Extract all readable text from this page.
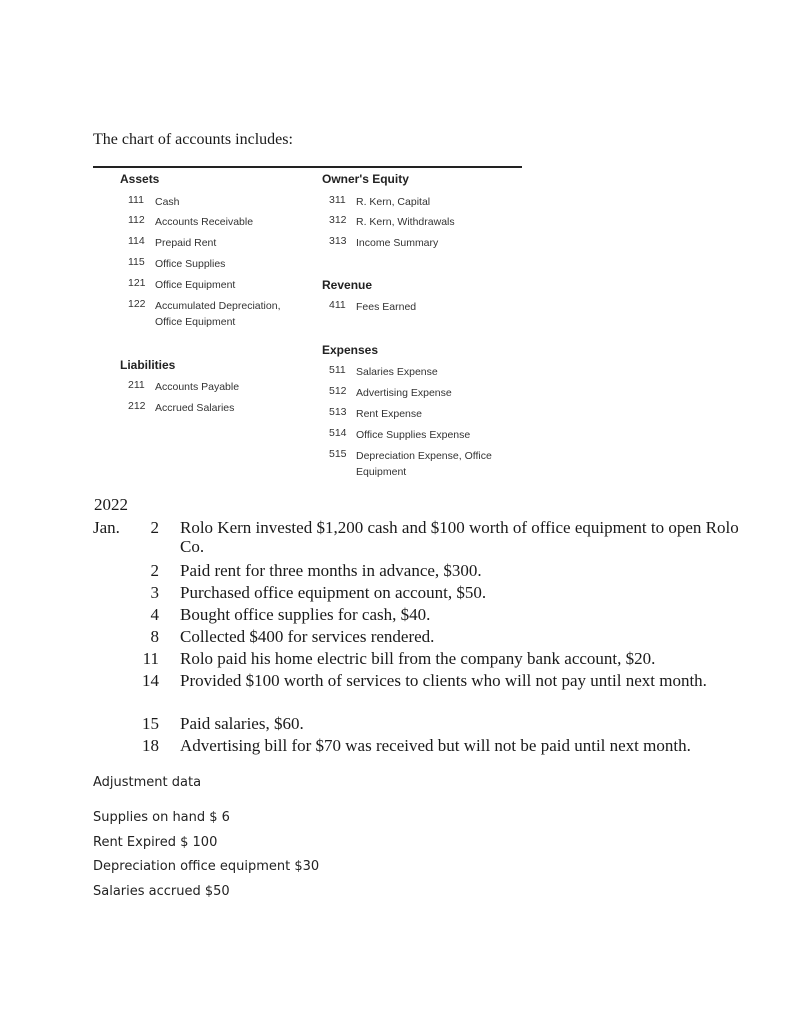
The chart of accounts includes:
Assets
111 Cash
112 Accounts Receivable
114 Prepaid Rent
115 Office Supplies
121 Office Equipment
122 Accumulated Depreciation,
Office Equipment
Liabilities
211 Accounts Payable
212 Accrued Salaries
Owner's Equity
311 R. Kern, Capital
312 R. Kern, Withdrawals
313 Income Summary
Revenue
411 Fees Earned
Expenses
511 Salaries Expense
512 Advertising Expense
513 Rent Expense
514 Office Supplies Expense
515 Depreciation Expense, Office
Equipment
2022
Jan.	2 Rolo Kern invested $1,200 cash and $100 worth of office equipment to open Rolo Co.
2 Paid rent for three months in advance, $300.
3 Purchased office equipment on account, $50.
4 Bought office supplies for cash, $40.
8 Collected $400 for services rendered.
11 Rolo paid his home electric bill from the company bank account, $20.
14 Provided $100 worth of services to clients who will not pay until next month.
15 Paid salaries, $60.
18 Advertising bill for $70 was received but will not be paid until next month.
Adjustment data
Supplies on hand $ 6
Rent Expired $ 100
Depreciation office equipment $30
Salaries accrued $50
